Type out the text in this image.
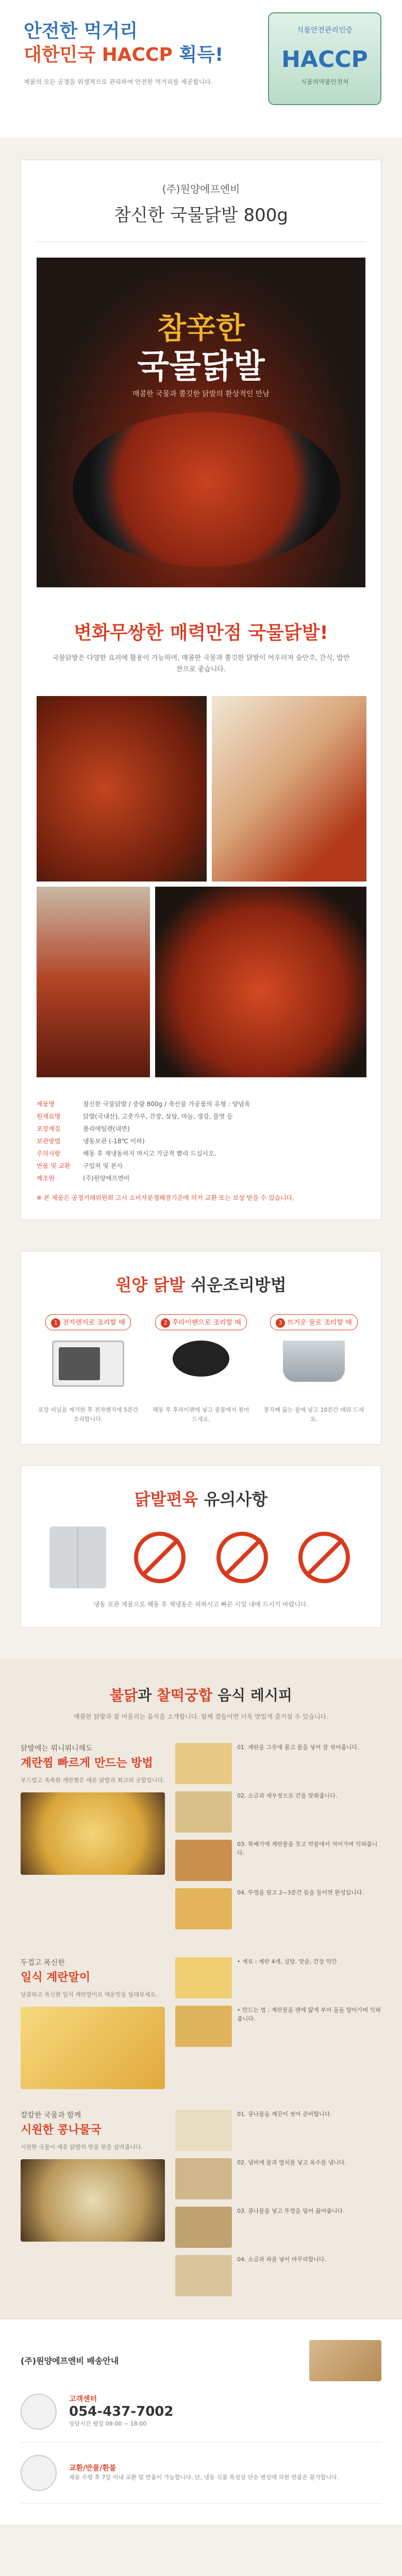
안전한 먹거리
대한민국 HACCP 획득!
제품의 모든 공정을 위생적으로 관리하여 안전한 먹거리를 제공합니다.
식품안전관리인증
HACCP
식품의약품안전처
(주)원양에프엔비
참신한 국물닭발 800g
참辛한
국물닭발
매콤한 국물과 쫄깃한 닭발의 환상적인 만남
변화무쌍한 매력만점 국물닭발!
국물닭발은 다양한 요리에 활용이 가능하며, 매콤한 국물과 쫄깃한 닭발이 어우러져 술안주, 간식, 밥반찬으로 좋습니다.
제품명	참신한 국물닭발 / 중량 800g / 축산물 가공품의 유형 : 양념육
원재료명	닭발(국내산), 고춧가루, 간장, 설탕, 마늘, 생강, 물엿 등
포장재질	폴리에틸렌(내면)
보관방법	냉동보관 (-18℃ 이하)
주의사항	해동 후 재냉동하지 마시고 가급적 빨리 드십시오.
반품 및 교환	구입처 및 본사
제조원	(주)원양에프엔비
※ 본 제품은 공정거래위원회 고시 소비자분쟁해결기준에 의거 교환 또는 보상 받을 수 있습니다.
원양 닭발 쉬운조리방법
1 전자렌지로 조리할 때
포장 비닐을 제거한 후 전자렌지에 5분간 조리합니다.
2 후라이팬으로 조리할 때
해동 후 후라이팬에 넣고 중불에서 볶아 드세요.
3 뜨거운 물로 조리할 때
봉지째 끓는 물에 넣고 10분간 데워 드세요.
닭발편육 유의사항
냉동 보관 제품으로 해동 후 재냉동은 피하시고 빠른 시일 내에 드시기 바랍니다.
불닭과 찰떡궁합 음식 레시피
매콤한 닭발과 잘 어울리는 음식을 소개합니다. 함께 곁들이면 더욱 맛있게 즐기실 수 있습니다.
닭발에는 뭐니뭐니해도
계란찜 빠르게 만드는 방법
부드럽고 촉촉한 계란찜은 매운 닭발과 최고의 궁합입니다.
01. 계란을 그릇에 풀고 물을 넣어 잘 섞어줍니다.
02. 소금과 새우젓으로 간을 맞춰줍니다.
03. 뚝배기에 계란물을 붓고 약불에서 저어가며 익혀줍니다.
04. 뚜껑을 덮고 2~3분간 뜸을 들이면 완성입니다.
두껍고 폭신한
일식 계란말이
달콤하고 폭신한 일식 계란말이로 매운맛을 달래보세요.
• 재료 : 계란 4개, 설탕, 맛술, 간장 약간
• 만드는 법 : 계란물을 팬에 얇게 부어 돌돌 말아가며 익혀줍니다.
칼칼한 국물과 함께
시원한 콩나물국
시원한 국물이 매운 닭발의 맛을 한층 살려줍니다.
01. 콩나물을 깨끗이 씻어 준비합니다.
02. 냄비에 물과 멸치를 넣고 육수를 냅니다.
03. 콩나물을 넣고 뚜껑을 덮어 끓여줍니다.
04. 소금과 파를 넣어 마무리합니다.
(주)원양에프엔비 배송안내
고객센터
054-437-7002
상담시간 평일 09:00 ~ 18:00
교환/반품/환불
제품 수령 후 7일 이내 교환 및 반품이 가능합니다. 단, 냉동 식품 특성상 단순 변심에 의한 반품은 불가합니다.
